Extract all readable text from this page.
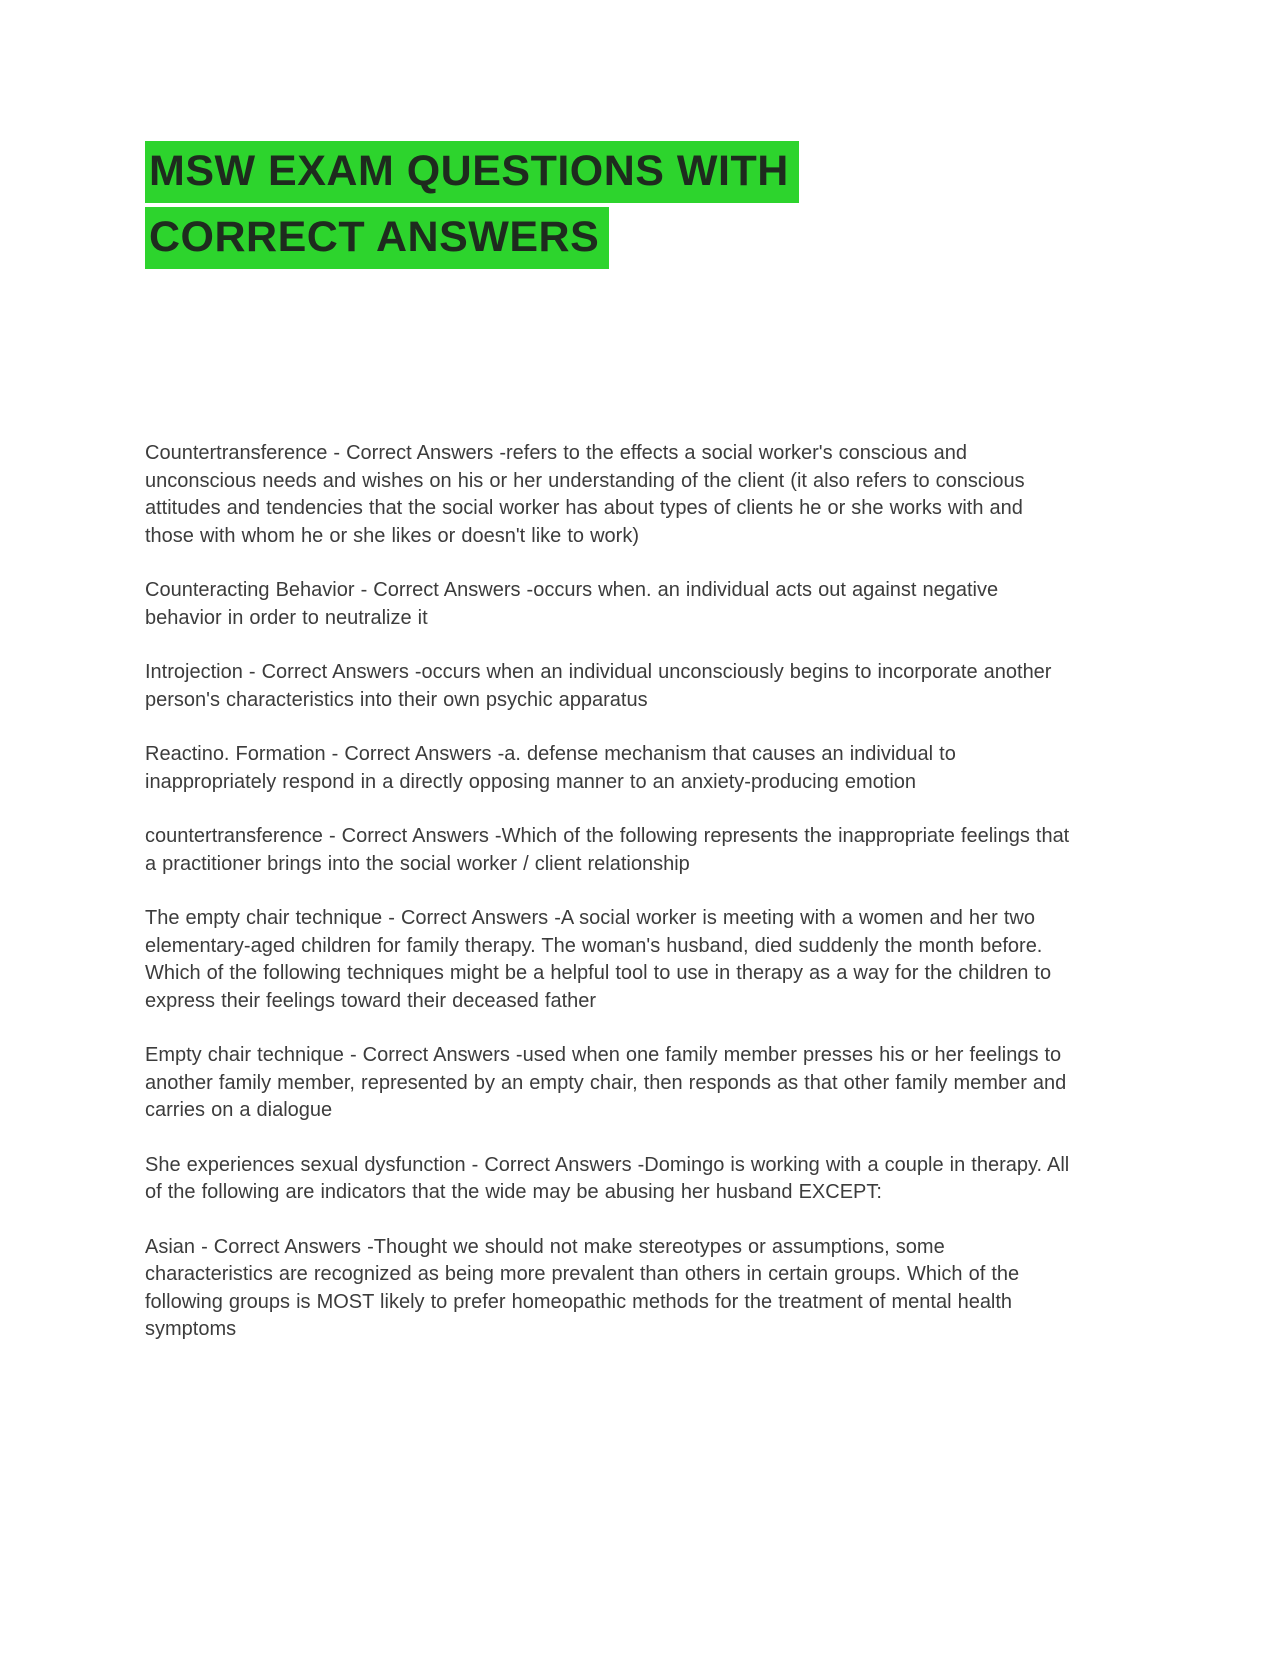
MSW EXAM QUESTIONS WITH
CORRECT ANSWERS

Countertransference - Correct Answers -refers to the effects a social worker's conscious and unconscious needs and wishes on his or her understanding of the client (it also refers to conscious attitudes and tendencies that the social worker has about types of clients he or she works with and those with whom he or she likes or doesn't like to work)

Counteracting Behavior - Correct Answers -occurs when. an individual acts out against negative behavior in order to neutralize it

Introjection - Correct Answers -occurs when an individual unconsciously begins to incorporate another person's characteristics into their own psychic apparatus

Reactino. Formation - Correct Answers -a. defense mechanism that causes an individual to inappropriately respond in a directly opposing manner to an anxiety-producing emotion

countertransference - Correct Answers -Which of the following represents the inappropriate feelings that a practitioner brings into the social worker / client relationship

The empty chair technique - Correct Answers -A social worker is meeting with a women and her two elementary-aged children for family therapy. The woman's husband, died suddenly the month before. Which of the following techniques might be a helpful tool to use in therapy as a way for the children to express their feelings toward their deceased father

Empty chair technique - Correct Answers -used when one family member presses his or her feelings to another family member, represented by an empty chair, then responds as that other family member and carries on a dialogue

She experiences sexual dysfunction - Correct Answers -Domingo is working with a couple in therapy. All of the following are indicators that the wide may be abusing her husband EXCEPT:

Asian - Correct Answers -Thought we should not make stereotypes or assumptions, some characteristics are recognized as being more prevalent than others in certain groups. Which of the following groups is MOST likely to prefer homeopathic methods for the treatment of mental health symptoms
